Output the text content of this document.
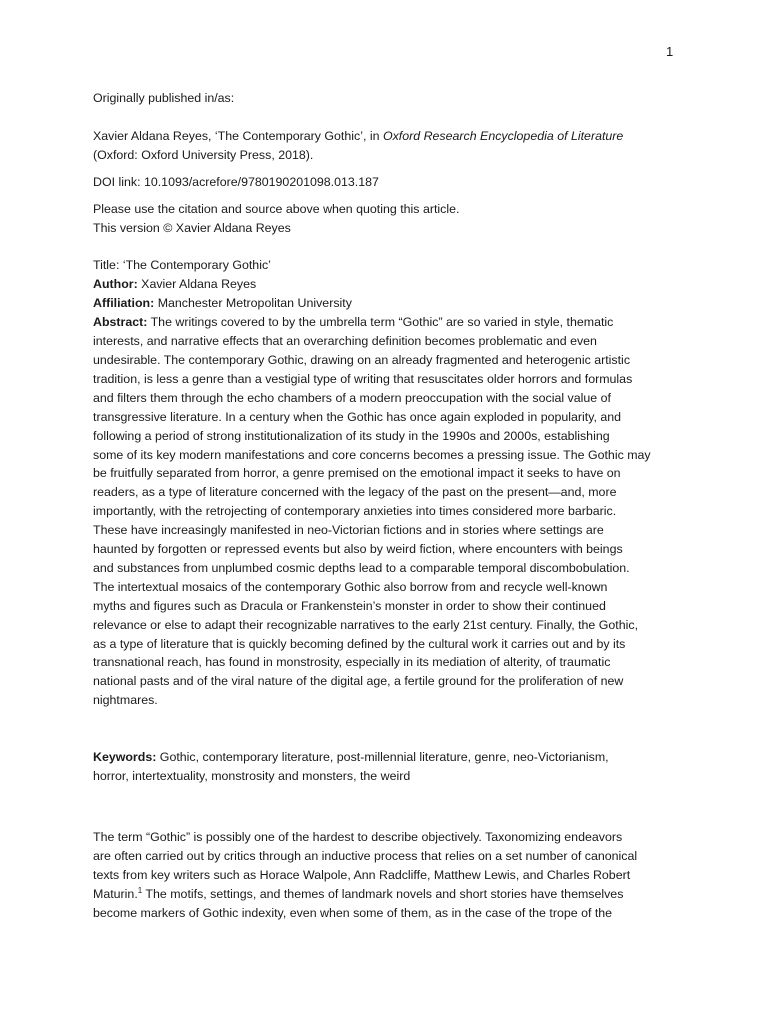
1
Originally published in/as:
Xavier Aldana Reyes, ‘The Contemporary Gothic’, in Oxford Research Encyclopedia of Literature
(Oxford: Oxford University Press, 2018).
DOI link: 10.1093/acrefore/9780190201098.013.187
Please use the citation and source above when quoting this article.
This version © Xavier Aldana Reyes
Title: ‘The Contemporary Gothic’
Author: Xavier Aldana Reyes
Affiliation: Manchester Metropolitan University
Abstract: The writings covered to by the umbrella term “Gothic” are so varied in style, thematic
interests, and narrative effects that an overarching definition becomes problematic and even
undesirable. The contemporary Gothic, drawing on an already fragmented and heterogenic artistic
tradition, is less a genre than a vestigial type of writing that resuscitates older horrors and formulas
and filters them through the echo chambers of a modern preoccupation with the social value of
transgressive literature. In a century when the Gothic has once again exploded in popularity, and
following a period of strong institutionalization of its study in the 1990s and 2000s, establishing
some of its key modern manifestations and core concerns becomes a pressing issue. The Gothic may
be fruitfully separated from horror, a genre premised on the emotional impact it seeks to have on
readers, as a type of literature concerned with the legacy of the past on the present—and, more
importantly, with the retrojecting of contemporary anxieties into times considered more barbaric.
These have increasingly manifested in neo-Victorian fictions and in stories where settings are
haunted by forgotten or repressed events but also by weird fiction, where encounters with beings
and substances from unplumbed cosmic depths lead to a comparable temporal discombobulation.
The intertextual mosaics of the contemporary Gothic also borrow from and recycle well-known
myths and figures such as Dracula or Frankenstein’s monster in order to show their continued
relevance or else to adapt their recognizable narratives to the early 21st century. Finally, the Gothic,
as a type of literature that is quickly becoming defined by the cultural work it carries out and by its
transnational reach, has found in monstrosity, especially in its mediation of alterity, of traumatic
national pasts and of the viral nature of the digital age, a fertile ground for the proliferation of new
nightmares.
Keywords: Gothic, contemporary literature, post-millennial literature, genre, neo-Victorianism,
horror, intertextuality, monstrosity and monsters, the weird
The term “Gothic” is possibly one of the hardest to describe objectively. Taxonomizing endeavors
are often carried out by critics through an inductive process that relies on a set number of canonical
texts from key writers such as Horace Walpole, Ann Radcliffe, Matthew Lewis, and Charles Robert
Maturin.$^1$ The motifs, settings, and themes of landmark novels and short stories have themselves
become markers of Gothic indexity, even when some of them, as in the case of the trope of the
